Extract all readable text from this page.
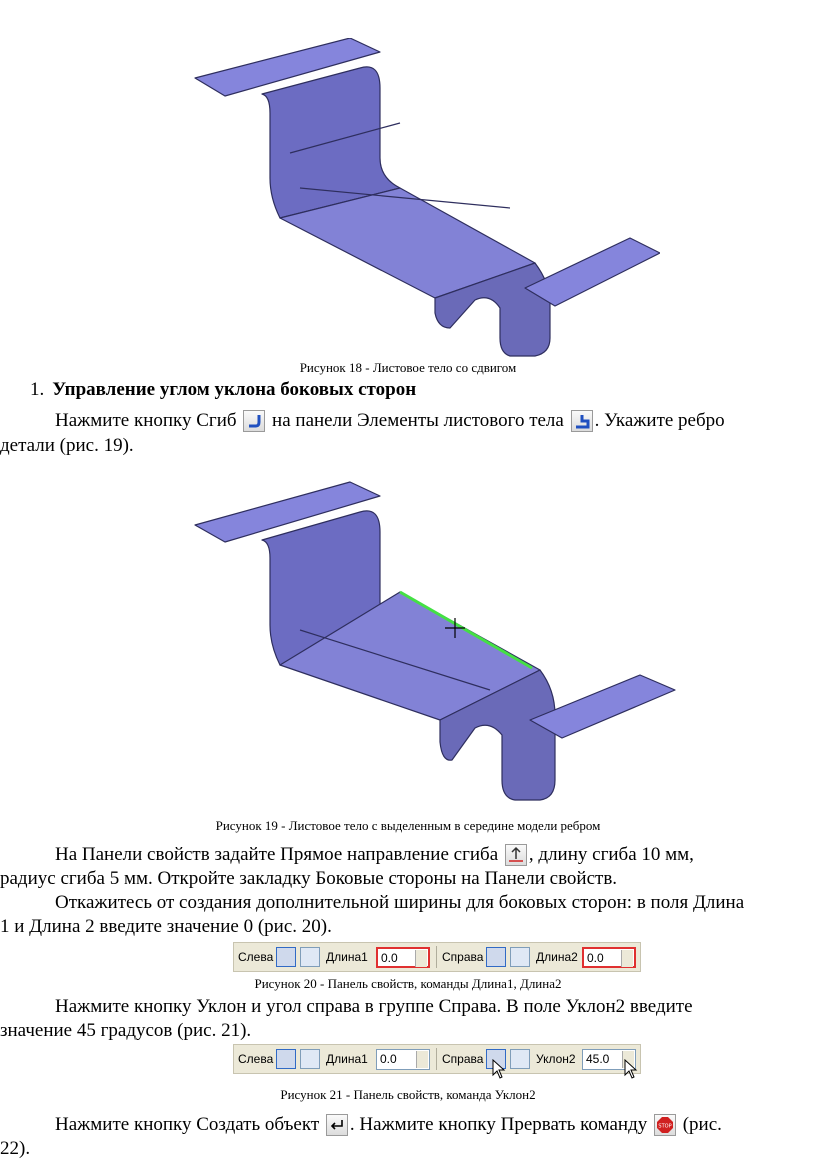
Рисунок 18 - Листовое тело со сдвигом
1. Управление углом уклона боковых сторон
Нажмите кнопку Сгиб на панели Элементы листового тела . Укажите ребро
детали (рис. 19).
Рисунок 19 - Листовое тело с выделенным в середине модели ребром
На Панели свойств задайте Прямое направление сгиба , длину сгиба 10 мм,
радиус сгиба 5 мм. Откройте закладку Боковые стороны на Панели свойств.
Откажитесь от создания дополнительной ширины для боковых сторон: в поля Длина
1 и Длина 2 введите значение 0 (рис. 20).
Слева	Длина1	0.0	Справа	Длина2 0.0
Рисунок 20 - Панель свойств, команды Длина1, Длина2
Нажмите кнопку Уклон и угол справа в группе Справа. В поле Уклон2 введите
значение 45 градусов (рис. 21).
Слева	Длина1	0.0	Справа	Уклон2 45.0
Рисунок 21 - Панель свойств, команда Уклон2
Нажмите кнопку Создать объект . Нажмите кнопку Прервать команду STOP (рис.
22).
